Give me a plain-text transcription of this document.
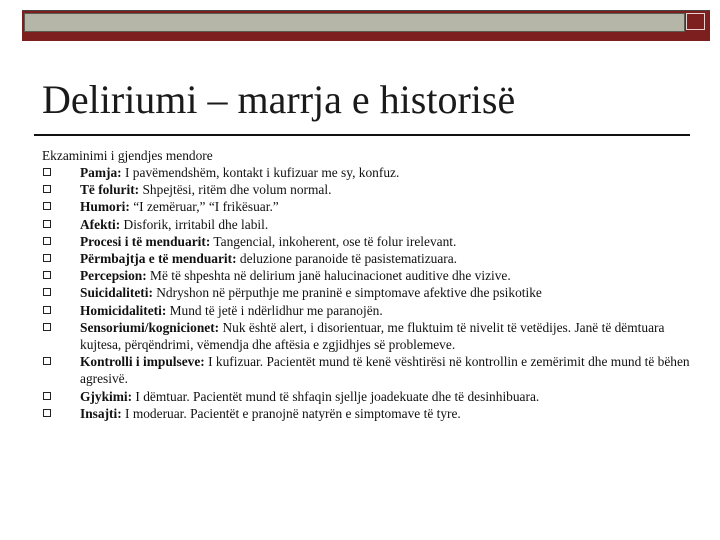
Deliriumi – marrja e historisë

Ekzaminimi i gjendjes mendore

Pamja: I pavëmendshëm, kontakt i kufizuar me sy, konfuz.
Të folurit: Shpejtësi, ritëm dhe volum normal.
Humori: “I zemëruar,” “I frikësuar.”
Afekti: Disforik, irritabil dhe labil.
Procesi i të menduarit: Tangencial, inkoherent, ose të folur irelevant.
Përmbajtja e të menduarit: deluzione paranoide të pasistematizuara.
Percepsion: Më të shpeshta në delirium janë halucinacionet auditive dhe vizive.
Suicidaliteti: Ndryshon në përputhje me praninë e simptomave afektive dhe psikotike
Homicidaliteti: Mund të jetë i ndërlidhur me paranojën.
Sensoriumi/kognicionet: Nuk është alert, i disorientuar, me fluktuim të nivelit të vetëdijes. Janë të dëmtuara kujtesa, përqëndrimi, vëmendja dhe aftësia e zgjidhjes së problemeve.
Kontrolli i impulseve: I kufizuar. Pacientët mund të kenë vështirësi në kontrollin e zemërimit dhe mund të bëhen agresivë.
Gjykimi: I dëmtuar. Pacientët mund të shfaqin sjellje joadekuate dhe të desinhibuara.
Insajti: I moderuar. Pacientët e pranojnë natyrën e simptomave të tyre.
